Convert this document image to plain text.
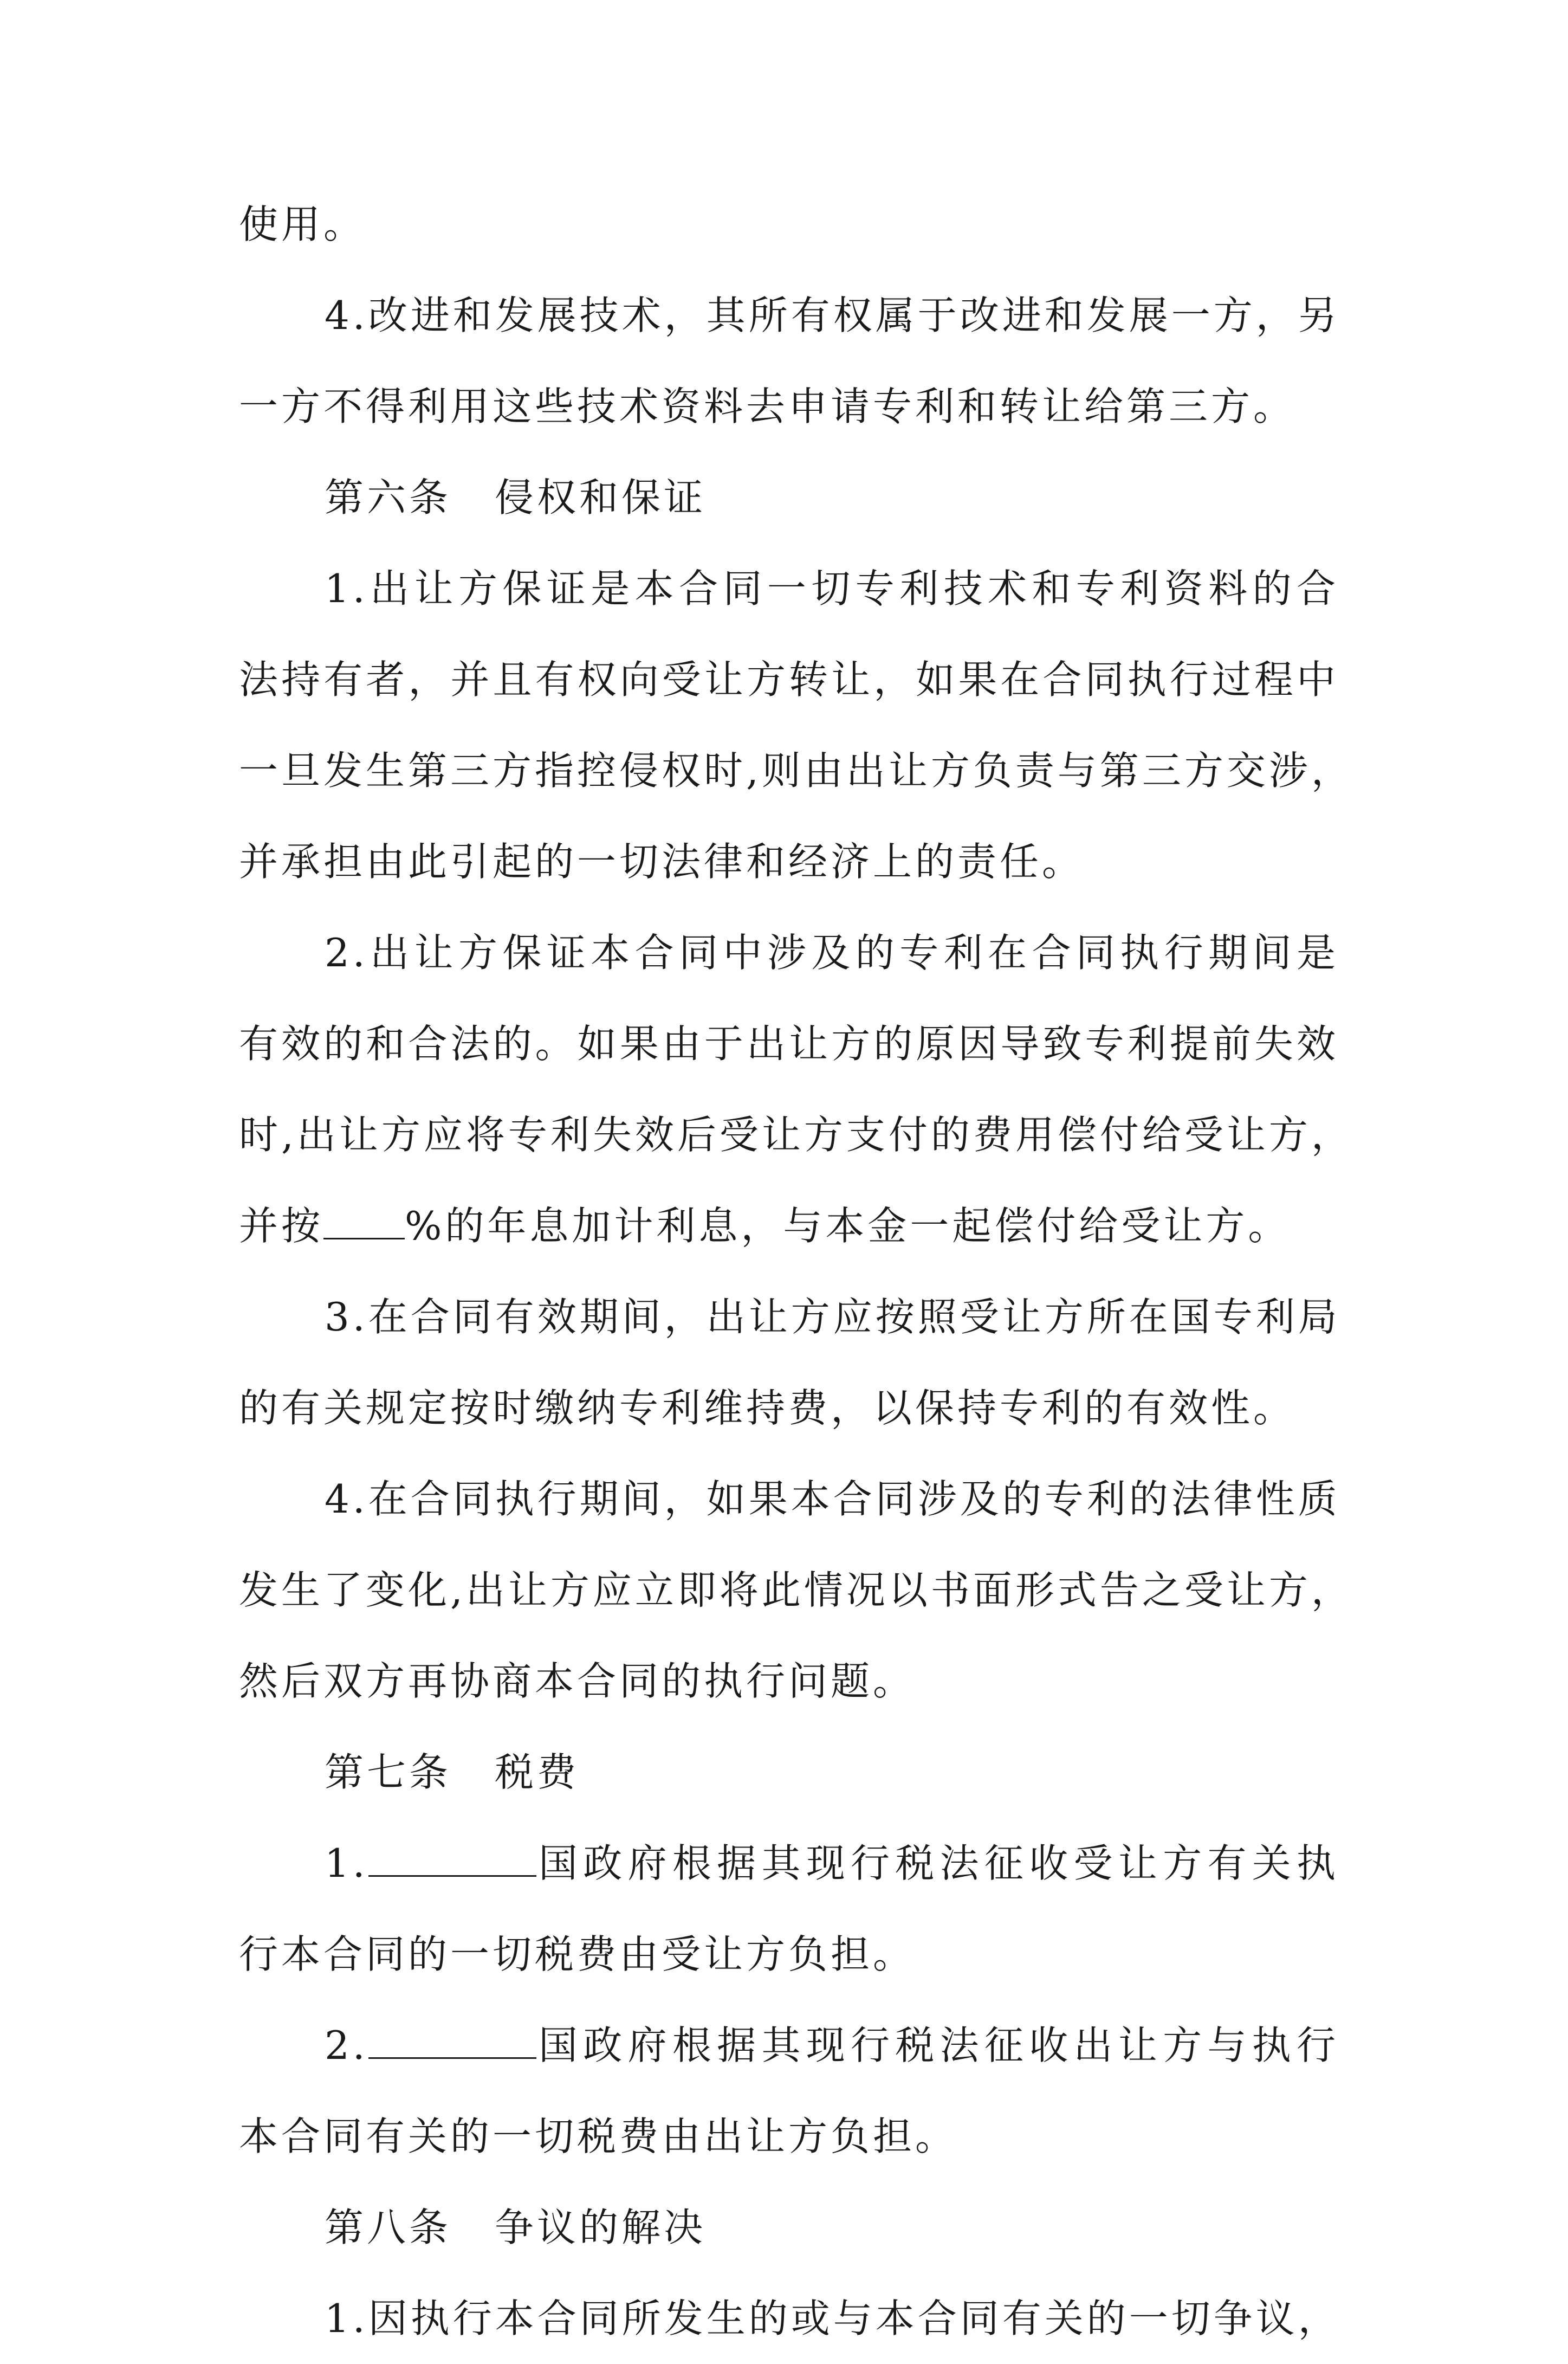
使用。
4.改进和发展技术，其所有权属于改进和发展一方，另
一方不得利用这些技术资料去申请专利和转让给第三方。
第六条 侵权和保证
1.出让方保证是本合同一切专利技术和专利资料的合
法持有者，并且有权向受让方转让，如果在合同执行过程中
一旦发生第三方指控侵权时,则由出让方负责与第三方交涉，
并承担由此引起的一切法律和经济上的责任。
2.出让方保证本合同中涉及的专利在合同执行期间是
有效的和合法的。如果由于出让方的原因导致专利提前失效
时,出让方应将专利失效后受让方支付的费用偿付给受让方，
并按 %的年息加计利息，与本金一起偿付给受让方。
3.在合同有效期间，出让方应按照受让方所在国专利局
的有关规定按时缴纳专利维持费，以保持专利的有效性。
4.在合同执行期间，如果本合同涉及的专利的法律性质
发生了变化,出让方应立即将此情况以书面形式告之受让方，
然后双方再协商本合同的执行问题。
第七条 税费
1.	国政府根据其现行税法征收受让方有关执
行本合同的一切税费由受让方负担。
2.	国政府根据其现行税法征收出让方与执行
本合同有关的一切税费由出让方负担。
第八条 争议的解决
1.因执行本合同所发生的或与本合同有关的一切争议，
